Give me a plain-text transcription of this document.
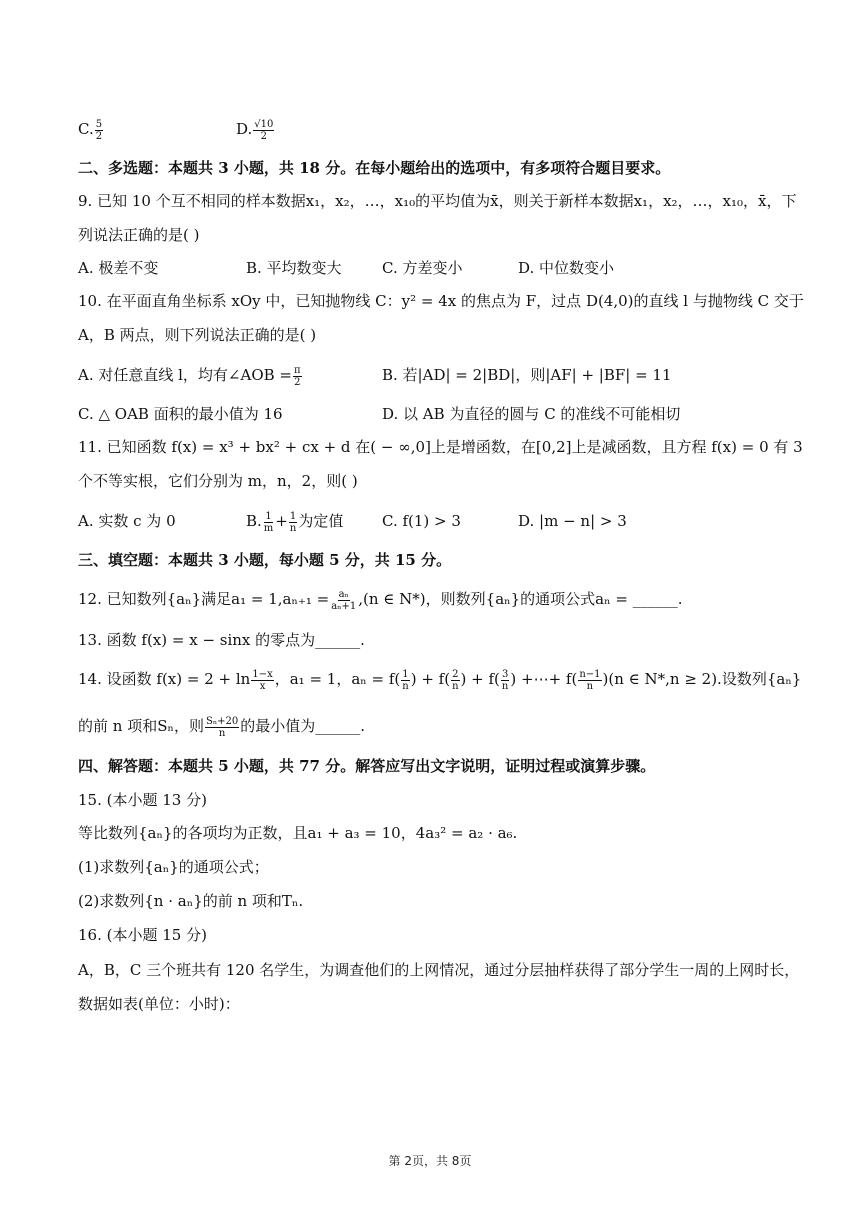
C. $\frac{5}{2}$	D. $\frac{√10}{2}$
二、多选题：本题共 3 小题，共 18 分。在每小题给出的选项中，有多项符合题目要求。
9. 已知 10 个互不相同的样本数据x₁，x₂，…，x₁₀的平均值为x̄，则关于新样本数据x₁，x₂，…，x₁₀，x̄，下
列说法正确的是( )
A. 极差不变	B. 平均数变大	C. 方差变小	D. 中位数变小
10. 在平面直角坐标系 xOy 中，已知抛物线 C：y² = 4x 的焦点为 F，过点 D(4,0)的直线 l 与抛物线 C 交于
A，B 两点，则下列说法正确的是( )
A. 对任意直线 l，均有∠AOB = $\frac{\pi}{2}$	B. 若|AD| = 2|BD|，则|AF| + |BF| = 11
C. △ OAB 面积的最小值为 16	D. 以 AB 为直径的圆与 C 的准线不可能相切
11. 已知函数 f(x) = x³ + bx² + cx + d 在( − ∞,0]上是增函数，在[0,2]上是减函数，且方程 f(x) = 0 有 3
个不等实根，它们分别为 m，n，2，则( )
A. 实数 c 为 0	B. $\frac{1}{m} + \frac{1}{n}$ 为定值	C. f(1) > 3	D. |m − n| > 3
三、填空题：本题共 3 小题，每小题 5 分，共 15 分。
12. 已知数列{aₙ}满足$a_1 = 1,a_{n+1} = \frac{\text{aₙ}}{\text{aₙ+1}} ,(n$ ∈ N*)，则数列{aₙ}的通项公式aₙ = ______.
13. 函数 f(x) = x − sinx 的零点为______.
14. 设函数 $f(x) = 2 + \ln \frac{1-x}{x}$ ，a₁ = 1，$a_n = f( \frac{1}{n}$ ) + $f( \frac{2}{n}$ ) + $f( \frac{3}{n}$ ) +⋯+ $f( \frac{n-1}{n} )(n$ ∈ N*,n ≥ 2).设数列{aₙ}
的前 n 项和Sₙ，则 $\frac{\text{Sₙ+20}}{n}$ 的最小值为______.
四、解答题：本题共 5 小题，共 77 分。解答应写出文字说明，证明过程或演算步骤。
15. (本小题 13 分)
等比数列{aₙ}的各项均为正数，且a₁ + a₃ = 10，4a₃² = a₂ · a₆.
(1)求数列{aₙ}的通项公式；
(2)求数列{n · aₙ}的前 n 项和Tₙ.
16. (本小题 15 分)
A，B，C 三个班共有 120 名学生，为调查他们的上网情况，通过分层抽样获得了部分学生一周的上网时长，
数据如表(单位：小时)：
第 2页，共 8页
